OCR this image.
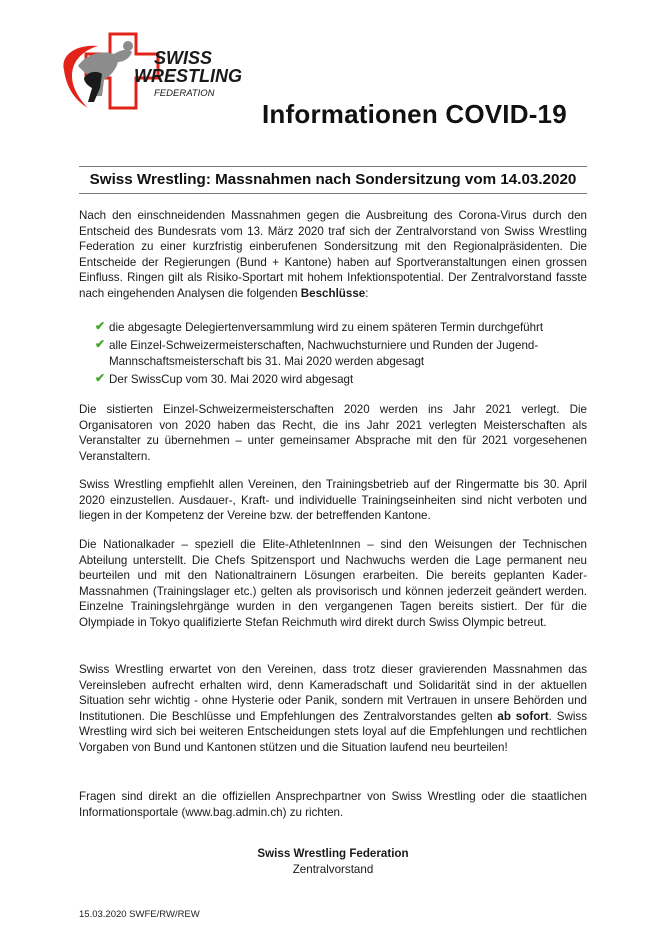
SWISS
WRESTLING
FEDERATION
Informationen COVID-19
Swiss Wrestling: Massnahmen nach Sondersitzung vom 14.03.2020

Nach den einschneidenden Massnahmen gegen die Ausbreitung des Corona-Virus durch den Entscheid des Bundesrats vom 13. März 2020 traf sich der Zentralvorstand von Swiss Wrestling Federation zu einer kurzfristig einberufenen Sondersitzung mit den Regionalpräsidenten. Die Entscheide der Regierungen (Bund + Kantone) haben auf Sportveranstaltungen einen grossen Einfluss. Ringen gilt als Risiko-Sportart mit hohem Infektionspotential. Der Zentralvorstand fasste nach eingehenden Analysen die folgenden Beschlüsse:

✔ die abgesagte Delegiertenversammlung wird zu einem späteren Termin durchgeführt
✔ alle Einzel-Schweizermeisterschaften, Nachwuchsturniere und Runden der Jugend-Mannschaftsmeisterschaft bis 31. Mai 2020 werden abgesagt
✔ Der SwissCup vom 30. Mai 2020 wird abgesagt

Die sistierten Einzel-Schweizermeisterschaften 2020 werden ins Jahr 2021 verlegt. Die Organisatoren von 2020 haben das Recht, die ins Jahr 2021 verlegten Meisterschaften als Veranstalter zu übernehmen – unter gemeinsamer Absprache mit den für 2021 vorgesehenen Veranstaltern.

Swiss Wrestling empfiehlt allen Vereinen, den Trainingsbetrieb auf der Ringermatte bis 30. April 2020 einzustellen. Ausdauer-, Kraft- und individuelle Trainingseinheiten sind nicht verboten und liegen in der Kompetenz der Vereine bzw. der betreffenden Kantone.

Die Nationalkader – speziell die Elite-AthletenInnen – sind den Weisungen der Technischen Abteilung unterstellt. Die Chefs Spitzensport und Nachwuchs werden die Lage permanent neu beurteilen und mit den Nationaltrainern Lösungen erarbeiten. Die bereits geplanten Kader-Massnahmen (Trainingslager etc.) gelten als provisorisch und können jederzeit geändert werden. Einzelne Trainingslehrgänge wurden in den vergangenen Tagen bereits sistiert. Der für die Olympiade in Tokyo qualifizierte Stefan Reichmuth wird direkt durch Swiss Olympic betreut.

Swiss Wrestling erwartet von den Vereinen, dass trotz dieser gravierenden Massnahmen das Vereinsleben aufrecht erhalten wird, denn Kameradschaft und Solidarität sind in der aktuellen Situation sehr wichtig - ohne Hysterie oder Panik, sondern mit Vertrauen in unsere Behörden und Institutionen. Die Beschlüsse und Empfehlungen des Zentralvorstandes gelten ab sofort. Swiss Wrestling wird sich bei weiteren Entscheidungen stets loyal auf die Empfehlungen und rechtlichen Vorgaben von Bund und Kantonen stützen und die Situation laufend neu beurteilen!

Fragen sind direkt an die offiziellen Ansprechpartner von Swiss Wrestling oder die staatlichen Informationsportale (www.bag.admin.ch) zu richten.

Swiss Wrestling Federation
Zentralvorstand
15.03.2020 SWFE/RW/REW
